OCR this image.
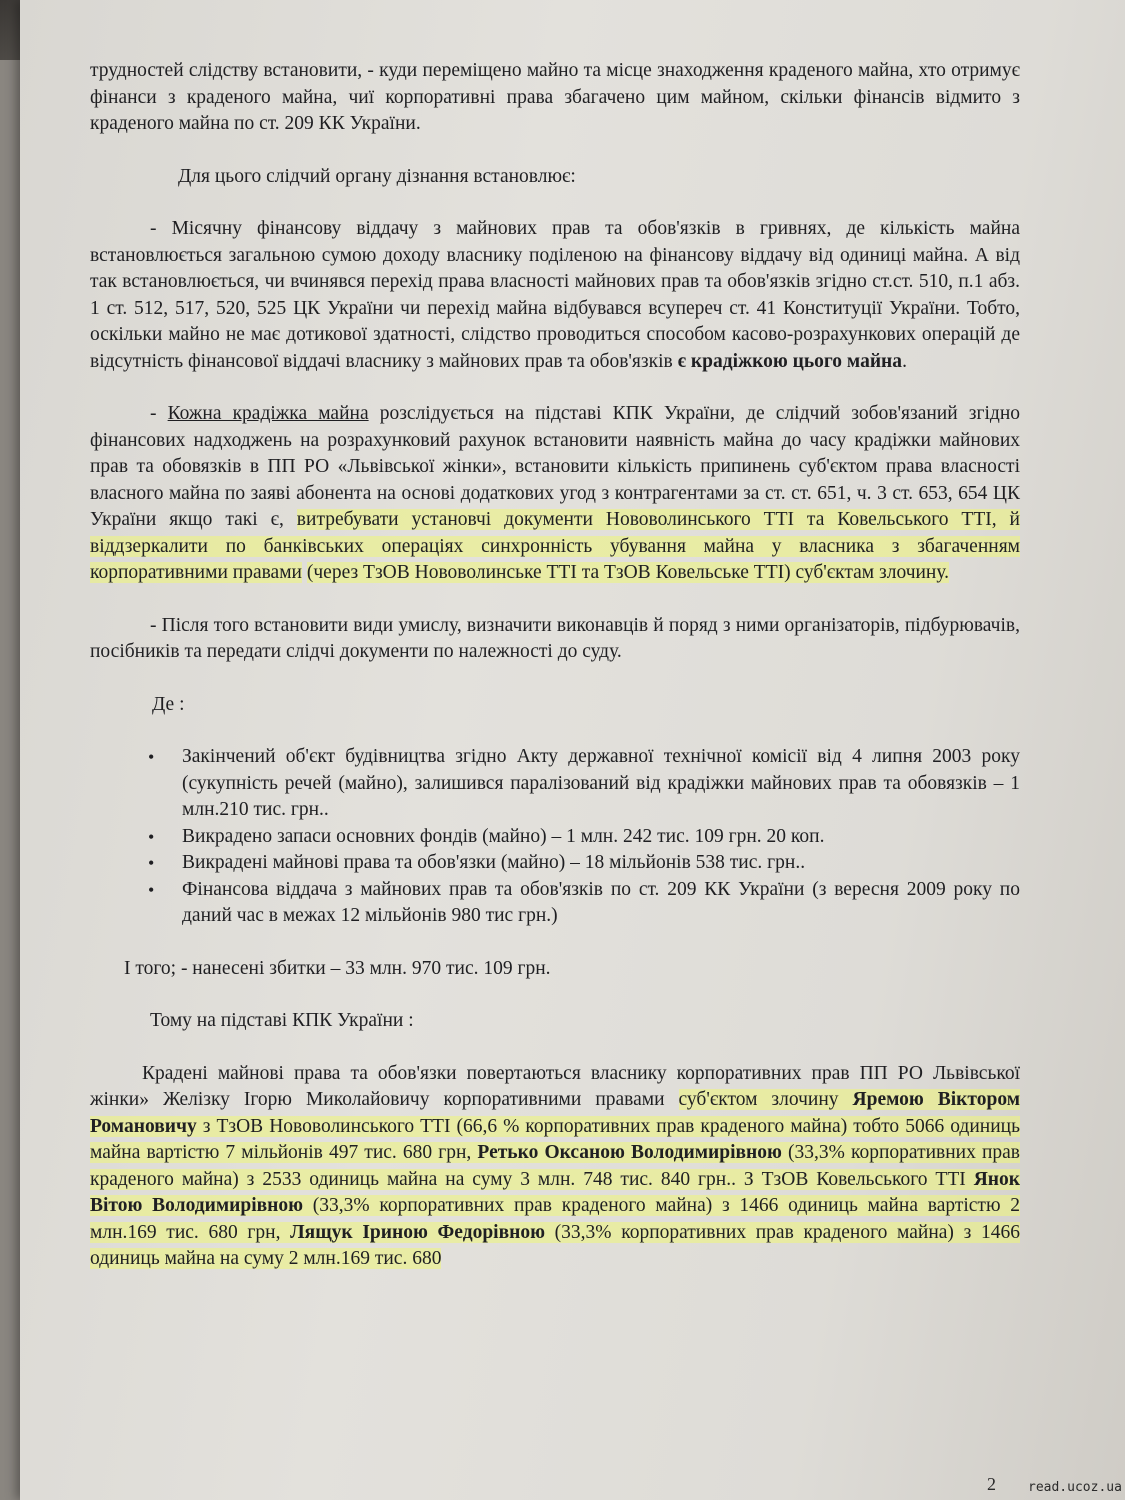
трудностей слідству встановити, - куди переміщено майно та місце знаходження краденого майна, хто отримує фінанси з краденого майна, чиї корпоративні права збагачено цим майном, скільки фінансів відмито з краденого майна по ст. 209 КК України.

Для цього слідчий органу дізнання встановлює:

- Місячну фінансову віддачу з майнових прав та обов'язків в гривнях, де кількість майна встановлюється загальною сумою доходу власнику поділеною на фінансову віддачу від одиниці майна. А від так встановлюється, чи вчинявся перехід права власності майнових прав та обов'язків згідно ст.ст. 510, п.1 абз. 1 ст. 512, 517, 520, 525 ЦК України чи перехід майна відбувався всупереч ст. 41 Конституції України. Тобто, оскільки майно не має дотикової здатності, слідство проводиться способом касово-розрахункових операцій де відсутність фінансової віддачі власнику з майнових прав та обов'язків є крадіжкою цього майна.

- Кожна крадіжка майна розслідується на підставі КПК України, де слідчий зобов'язаний згідно фінансових надходжень на розрахунковий рахунок встановити наявність майна до часу крадіжки майнових прав та обовязків в ПП РО «Львівської жінки», встановити кількість припинень суб'єктом права власності власного майна по заяві абонента на основі додаткових угод з контрагентами за ст. ст. 651, ч. 3 ст. 653, 654 ЦК України якщо такі є, витребувати установчі документи Нововолинського ТТІ та Ковельського ТТІ, й віддзеркалити по банківських операціях синхронність убування майна у власника з збагаченням корпоративними правами (через ТзОВ Нововолинське ТТІ та ТзОВ Ковельське ТТІ) суб'єктам злочину.

- Після того встановити види умислу, визначити виконавців й поряд з ними організаторів, підбурювачів, посібників та передати слідчі документи по належності до суду.

Де :

• Закінчений об'єкт будівництва згідно Акту державної технічної комісії від 4 липня 2003 року (сукупність речей (майно), залишився паралізований від крадіжки майнових прав та обовязків – 1 млн.210 тис. грн..
• Викрадено запаси основних фондів (майно) – 1 млн. 242 тис. 109 грн. 20 коп.
• Викрадені майнові права та обов'язки (майно) – 18 мільйонів 538 тис. грн..
• Фінансова віддача з майнових прав та обов'язків по ст. 209 КК України (з вересня 2009 року по даний час в межах 12 мільйонів 980 тис грн.)

І того; - нанесені збитки – 33 млн. 970 тис. 109 грн.

Тому на підставі КПК України :

Крадені майнові права та обов'язки повертаються власнику корпоративних прав ПП РО Львівської жінки» Желізку Ігорю Миколайовичу корпоративними правами суб'єктом злочину Яремою Віктором Романовичу з ТзОВ Нововолинського ТТІ (66,6 % корпоративних прав краденого майна) тобто 5066 одиниць майна вартістю 7 мільйонів 497 тис. 680 грн, Ретько Оксаною Володимирівною (33,3% корпоративних прав краденого майна) з 2533 одиниць майна на суму 3 млн. 748 тис. 840 грн.. З ТзОВ Ковельського ТТІ Янок Вітою Володимирівною (33,3% корпоративних прав краденого майна) з 1466 одиниць майна вартістю 2 млн.169 тис. 680 грн, Лящук Іриною Федорівною (33,3% корпоративних прав краденого майна) з 1466 одиниць майна на суму 2 млн.169 тис. 680

2 read.ucoz.ua
